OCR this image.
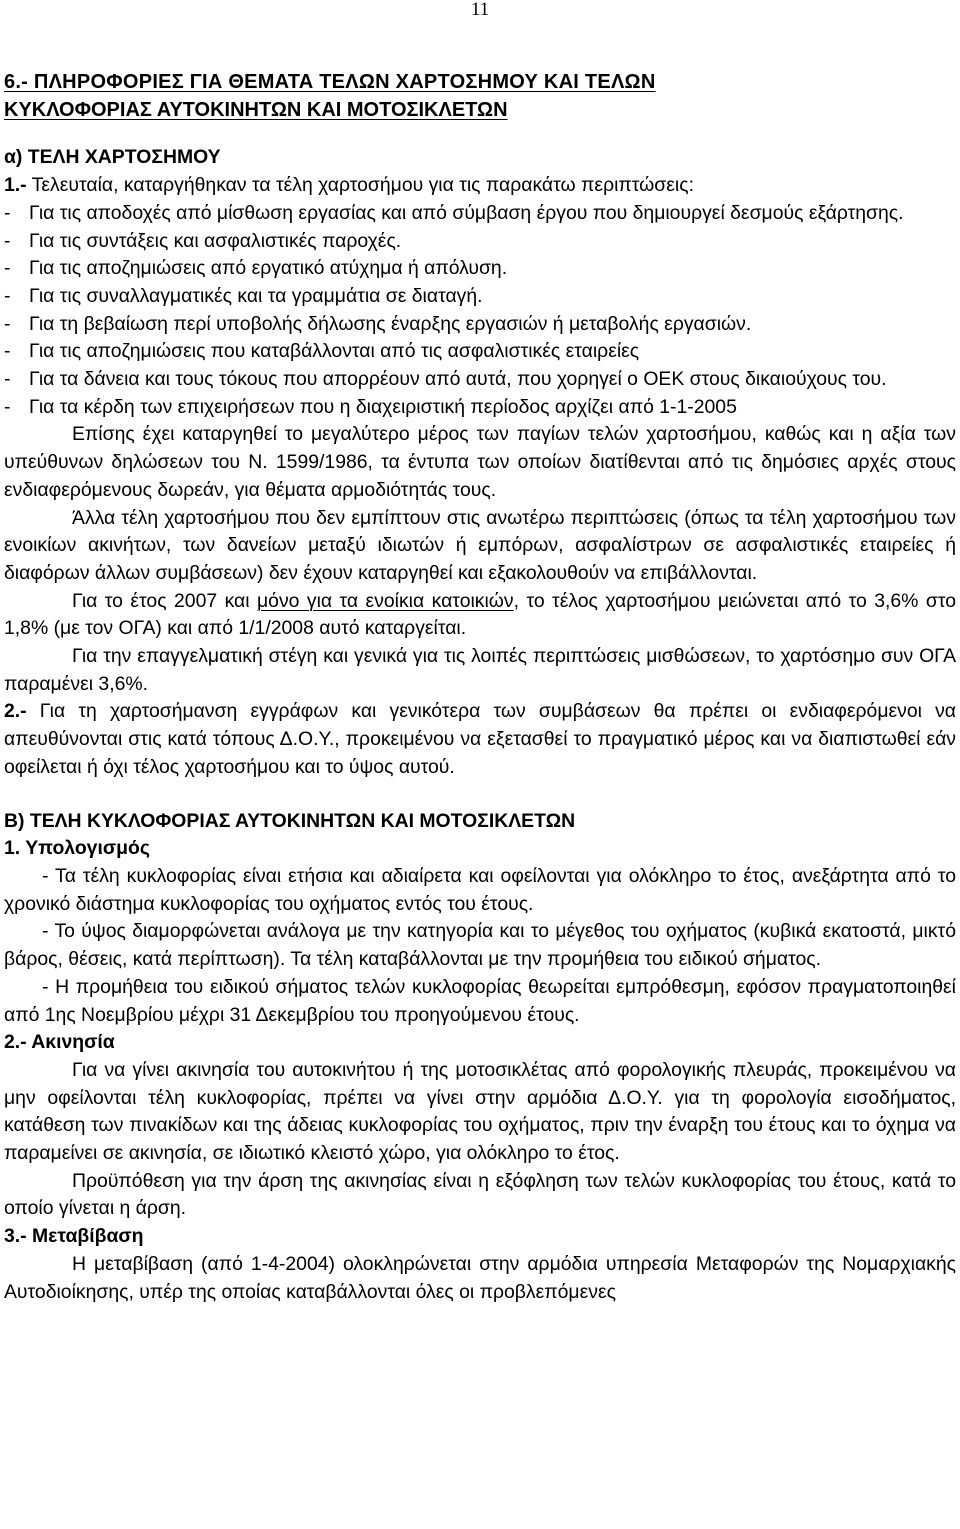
11

6.- ΠΛΗΡΟΦΟΡΙΕΣ ΓΙΑ ΘΕΜΑΤΑ ΤΕΛΩΝ ΧΑΡΤΟΣΗΜΟΥ ΚΑΙ ΤΕΛΩΝ

ΚΥΚΛΟΦΟΡΙΑΣ ΑΥΤΟΚΙΝΗΤΩΝ ΚΑΙ ΜΟΤΟΣΙΚΛΕΤΩΝ

α) ΤΕΛΗ ΧΑΡΤΟΣΗΜΟΥ

1.- Τελευταία, καταργήθηκαν τα τέλη χαρτοσήμου για τις παρακάτω περιπτώσεις:

- Για τις αποδοχές από μίσθωση εργασίας και από σύμβαση έργου που δημιουργεί δεσμούς εξάρτησης.
- Για τις συντάξεις και ασφαλιστικές παροχές.
- Για τις αποζημιώσεις από εργατικό ατύχημα ή απόλυση.
- Για τις συναλλαγματικές και τα γραμμάτια σε διαταγή.
- Για τη βεβαίωση περί υποβολής δήλωσης έναρξης εργασιών ή μεταβολής εργασιών.
- Για τις αποζημιώσεις που καταβάλλονται από τις ασφαλιστικές εταιρείες
- Για τα δάνεια και τους τόκους που απορρέουν από αυτά, που χορηγεί ο ΟΕΚ στους δικαιούχους του.
- Για τα κέρδη των επιχειρήσεων που η διαχειριστική περίοδος αρχίζει από 1-1-2005

Επίσης έχει καταργηθεί το μεγαλύτερο μέρος των παγίων τελών χαρτοσήμου, καθώς και η αξία των υπεύθυνων δηλώσεων του Ν. 1599/1986, τα έντυπα των οποίων διατίθενται από τις δημόσιες αρχές στους ενδιαφερόμενους δωρεάν, για θέματα αρμοδιότητάς τους.

Άλλα τέλη χαρτοσήμου που δεν εμπίπτουν στις ανωτέρω περιπτώσεις (όπως τα τέλη χαρτοσήμου των ενοικίων ακινήτων, των δανείων μεταξύ ιδιωτών ή εμπόρων, ασφαλίστρων σε ασφαλιστικές εταιρείες ή διαφόρων άλλων συμβάσεων) δεν έχουν καταργηθεί και εξακολουθούν να επιβάλλονται.

Για το έτος 2007 και μόνο για τα ενοίκια κατοικιών, το τέλος χαρτοσήμου μειώνεται από το 3,6% στο 1,8% (με τον ΟΓΑ) και από 1/1/2008 αυτό καταργείται.

Για την επαγγελματική στέγη και γενικά για τις λοιπές περιπτώσεις μισθώσεων, το χαρτόσημο συν ΟΓΑ παραμένει 3,6%.

2.- Για τη χαρτοσήμανση εγγράφων και γενικότερα των συμβάσεων θα πρέπει οι ενδιαφερόμενοι να απευθύνονται στις κατά τόπους Δ.Ο.Υ., προκειμένου να εξετασθεί το πραγματικό μέρος και να διαπιστωθεί εάν οφείλεται ή όχι τέλος χαρτοσήμου και το ύψος αυτού.

Β) ΤΕΛΗ ΚΥΚΛΟΦΟΡΙΑΣ ΑΥΤΟΚΙΝΗΤΩΝ ΚΑΙ ΜΟΤΟΣΙΚΛΕΤΩΝ

1. Υπολογισμός

- Τα τέλη κυκλοφορίας είναι ετήσια και αδιαίρετα και οφείλονται για ολόκληρο το έτος, ανεξάρτητα από το χρονικό διάστημα κυκλοφορίας του οχήματος εντός του έτους.

- Το ύψος διαμορφώνεται ανάλογα με την κατηγορία και το μέγεθος του οχήματος (κυβικά εκατοστά, μικτό βάρος, θέσεις, κατά περίπτωση). Τα τέλη καταβάλλονται με την προμήθεια του ειδικού σήματος.

- Η προμήθεια του ειδικού σήματος τελών κυκλοφορίας θεωρείται εμπρόθεσμη, εφόσον πραγματοποιηθεί από 1ης Νοεμβρίου μέχρι 31 Δεκεμβρίου του προηγούμενου έτους.

2.- Ακινησία

Για να γίνει ακινησία του αυτοκινήτου ή της μοτοσικλέτας από φορολογικής πλευράς, προκειμένου να μην οφείλονται τέλη κυκλοφορίας, πρέπει να γίνει στην αρμόδια Δ.Ο.Υ. για τη φορολογία εισοδήματος, κατάθεση των πινακίδων και της άδειας κυκλοφορίας του οχήματος, πριν την έναρξη του έτους και το όχημα να παραμείνει σε ακινησία, σε ιδιωτικό κλειστό χώρο, για ολόκληρο το έτος.

Προϋπόθεση για την άρση της ακινησίας είναι η εξόφληση των τελών κυκλοφορίας του έτους, κατά το οποίο γίνεται η άρση.

3.- Μεταβίβαση

Η μεταβίβαση (από 1-4-2004) ολοκληρώνεται στην αρμόδια υπηρεσία Μεταφορών της Νομαρχιακής Αυτοδιοίκησης, υπέρ της οποίας καταβάλλονται όλες οι προβλεπόμενες
